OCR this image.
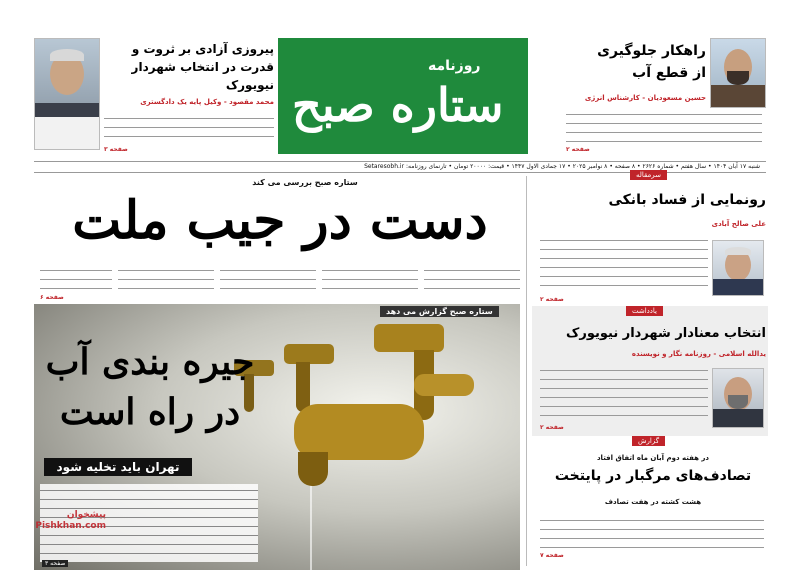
پیروزی آزادی بر ثروت و قدرت در انتخاب شهردار نیویورک
محمد مقصود - وکیل پایه یک دادگستری
صفحه ۳
روزنامه
ستاره صبح
راهکار جلوگیری از قطع آب
حسین مسعودیان - کارشناس انرژی
صفحه ۲
شنبه ۱۷ آبان ۱۴۰۴ • سال هفتم • شماره ۲۶۲۶ • ۸ صفحه • ۸ نوامبر ۲۰۲۵ • ۱۷ جمادی الاول ۱۴۴۷ • قیمت: ۲۰۰۰۰ تومان • تارنمای روزنامه: Setaresobh.ir
ستاره صبح بررسی می کند
دست در جیب ملت
صفحه ۶
ستاره صبح گزارش می دهد
جیره بندی آب
در راه است
تهران باید تخلیه شود
صفحه ۳
پیشخوان Pishkhan.com
سرمقاله
رونمایی از فساد بانکی
علی صالح آبادی
صفحه ۲
یادداشت
انتخاب معنادار شهردار نیویورک
یدالله اسلامی - روزنامه نگار و نویسنده
صفحه ۲
گزارش
در هفته دوم آبان ماه اتفاق افتاد
تصادف‌های مرگبار در پایتخت
هشت کشته در هفت تصادف
صفحه ۷
